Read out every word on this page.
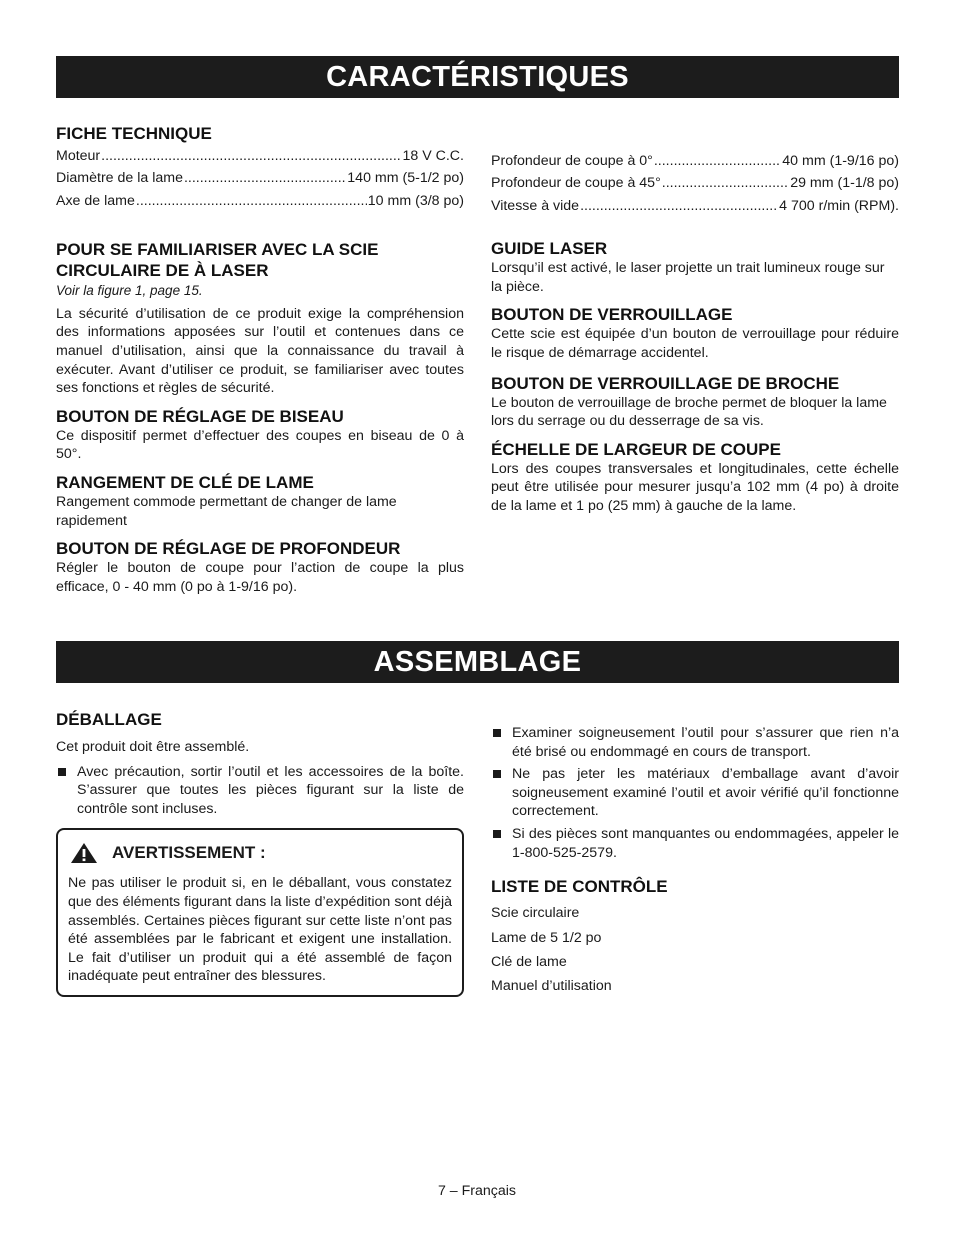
CARACTÉRISTIQUES
FICHE TECHNIQUE
Moteur .....	18 V C.C.
Diamètre de la lame .....	140 mm (5-1/2 po)
Axe de lame .....	10 mm (3/8 po)
POUR SE FAMILIARISER AVEC LA SCIE
CIRCULAIRE DE À LASER

Voir la figure 1, page 15.

La sécurité d’utilisation de ce produit exige la compréhension des informations apposées sur l’outil et contenues dans ce manuel d’utilisation, ainsi que la connaissance du travail à exécuter. Avant d’utiliser ce produit, se familiariser avec toutes ses fonctions et règles de sécurité.

BOUTON DE RÉGLAGE DE BISEAU

Ce dispositif permet d’effectuer des coupes en biseau de 0 à 50°.

RANGEMENT DE CLÉ DE LAME

Rangement commode permettant de changer de lame rapidement

BOUTON DE RÉGLAGE DE PROFONDEUR

Régler le bouton de coupe pour l’action de coupe la plus efficace, 0 - 40 mm (0 po à 1-9/16 po).

Profondeur de coupe à 0° .....	40 mm (1-9/16 po)
Profondeur de coupe à 45° .....	29 mm (1-1/8 po)
Vitesse à vide .....	4 700 r/min (RPM).
GUIDE LASER

Lorsqu’il est activé, le laser projette un trait lumineux rouge sur la pièce.

BOUTON DE VERROUILLAGE

Cette scie est équipée d’un bouton de verrouillage pour réduire le risque de démarrage accidentel.

BOUTON DE VERROUILLAGE DE BROCHE

Le bouton de verrouillage de broche permet de bloquer la lame lors du serrage ou du desserrage de sa vis.

ÉCHELLE DE LARGEUR DE COUPE

Lors des coupes transversales et longitudinales, cette échelle peut être utilisée pour mesurer jusqu’a 102 mm (4 po) à droite de la lame et 1 po (25 mm) à gauche de la lame.

ASSEMBLAGE
DÉBALLAGE

Cet produit doit être assemblé.

Avec précaution, sortir l’outil et les accessoires de la boîte. S’assurer que toutes les pièces figurant sur la liste de contrôle sont incluses.
AVERTISSEMENT :

Ne pas utiliser le produit si, en le déballant, vous constatez que des éléments figurant dans la liste d’expédition sont déjà assemblés. Certaines pièces figurant sur cette liste n’ont pas été assemblées par le fabricant et exigent une installation. Le fait d’utiliser un produit qui a été assemblé de façon inadéquate peut entraîner des blessures.

Examiner soigneusement l’outil pour s’assurer que rien n’a été brisé ou endommagé en cours de transport.
Ne pas jeter les matériaux d’emballage avant d’avoir soigneusement examiné l’outil et avoir vérifié qu’il fonctionne correctement.
Si des pièces sont manquantes ou endommagées, appeler le 1-800-525-2579.
LISTE DE CONTRÔLE

Scie circulaire

Lame de 5 1/2 po

Clé de lame

Manuel d’utilisation

7 – Français
